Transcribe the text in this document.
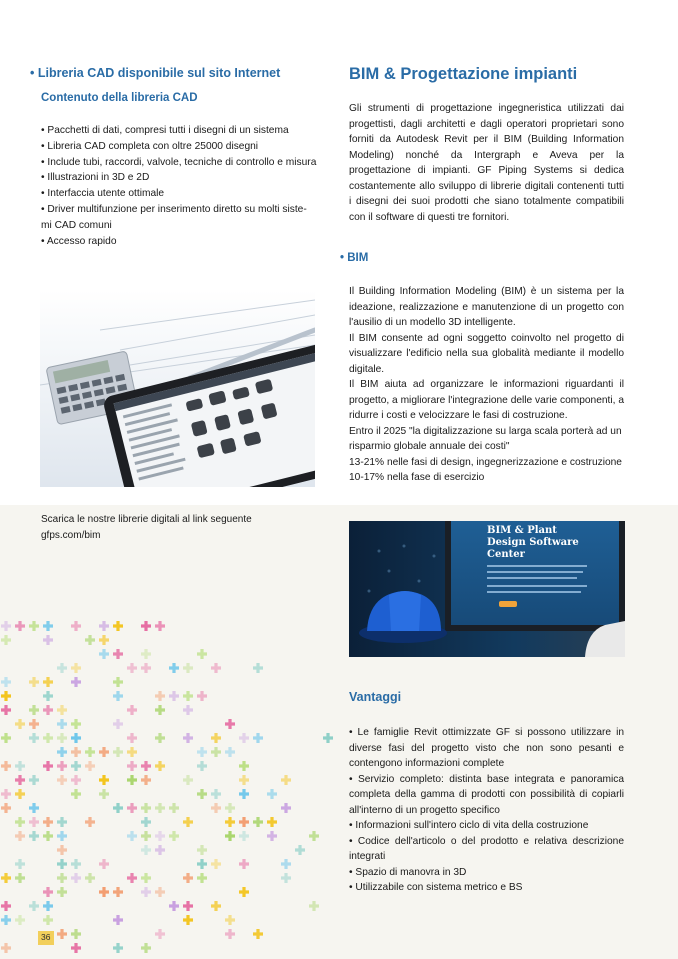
• Libreria CAD disponibile sul sito Internet
Contenuto della libreria CAD
• Pacchetti di dati, compresi tutti i disegni di un sistema
• Libreria CAD completa con oltre 25000 disegni
• Include tubi, raccordi, valvole, tecniche di controllo e misura
• Illustrazioni in 3D e 2D
• Interfaccia utente ottimale
• Driver multifunzione per inserimento diretto su molti siste-
mi CAD comuni
• Accesso rapido
Scarica le nostre librerie digitali al link seguente
gfps.com/bim
36
BIM & Progettazione impianti

Gli strumenti di progettazione ingegneristica utilizzati dai progettisti, dagli architetti e dagli operatori proprietari sono forniti da Autodesk Revit per il BIM (Building Information Modeling) nonché da Intergraph e Aveva per la progettazione di impianti. GF Piping Systems si dedica costantemente allo sviluppo di librerie digitali contenenti tutti i disegni dei suoi prodotti che siano totalmente compatibili con il software di questi tre fornitori.

• BIM

Il Building Information Modeling (BIM) è un sistema per la ideazione, realizzazione e manutenzione di un progetto con l'ausilio di un modello 3D intelligente.

Il BIM consente ad ogni soggetto coinvolto nel progetto di visualizzare l'edificio nella sua globalità mediante il modello digitale.

Il BIM aiuta ad organizzare le informazioni riguardanti il progetto, a migliorare l'integrazione delle varie componenti, a ridurre i costi e velocizzare le fasi di costruzione.

Entro il 2025 "la digitalizzazione su larga scala porterà ad un risparmio globale annuale dei costi"

13-21% nelle fasi di design, ingegnerizzazione e costruzione

10-17% nella fase di esercizio

BIM & Plant
Design Software
Center
Vantaggi

• Le famiglie Revit ottimizzate GF si possono utilizzare in diverse fasi del progetto visto che non sono pesanti e contengono informazioni complete

• Servizio completo: distinta base integrata e panoramica completa della gamma di prodotti con possibilità di copiarli all'interno di un progetto specifico

• Informazioni sull'intero ciclo di vita della costruzione

• Codice dell'articolo o del prodotto e relativa descrizione integrati

• Spazio di manovra in 3D

• Utilizzabile con sistema metrico e BS
